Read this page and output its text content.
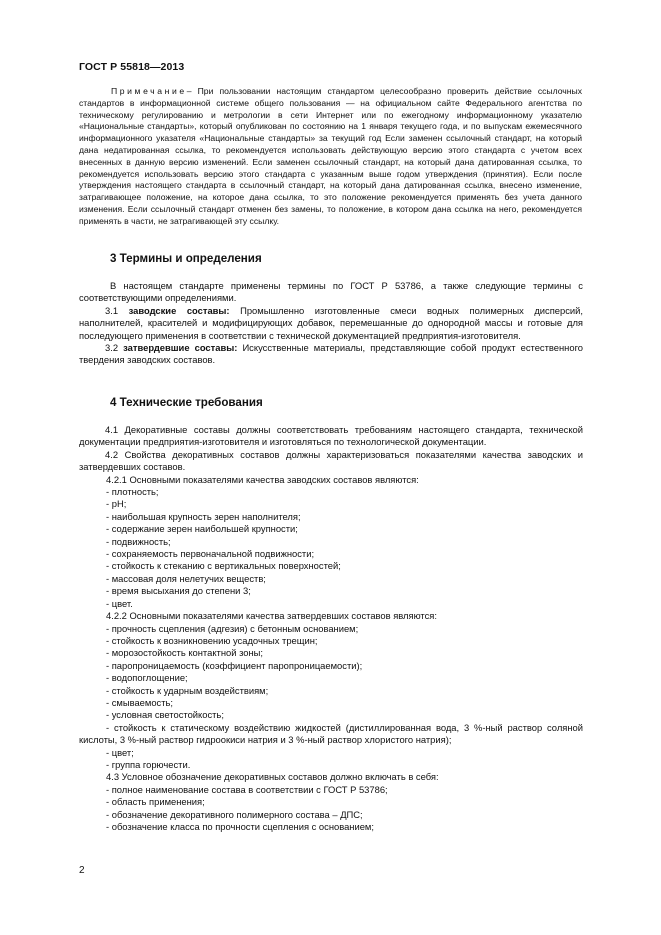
ГОСТ Р 55818—2013
Примечание– При пользовании настоящим стандартом целесообразно проверить действие ссылочных стандартов в информационной системе общего пользования — на официальном сайте Федерального агентства по техническому регулированию и метрологии в сети Интернет или по ежегодному информационному указателю «Национальные стандарты», который опубликован по состоянию на 1 января текущего года, и по выпускам ежемесячного информационного указателя «Национальные стандарты» за текущий год Если заменен ссылочный стандарт, на который дана недатированная ссылка, то рекомендуется использовать действующую версию этого стандарта с учетом всех внесенных в данную версию изменений. Если заменен ссылочный стандарт, на который дана датированная ссылка, то рекомендуется использовать версию этого стандарта с указанным выше годом утверждения (принятия). Если после утверждения настоящего стандарта в ссылочный стандарт, на который дана датированная ссылка, внесено изменение, затрагивающее положение, на которое дана ссылка, то это положение рекомендуется применять без учета данного изменения. Если ссылочный стандарт отменен без замены, то положение, в котором дана ссылка на него, рекомендуется применять в части, не затрагивающей эту ссылку.
3 Термины и определения

В настоящем стандарте применены термины по ГОСТ Р 53786, а также следующие термины с соответствующими определениями.

3.1 заводские составы: Промышленно изготовленные смеси водных полимерных дисперсий, наполнителей, красителей и модифицирующих добавок, перемешанные до однородной массы и готовые для последующего применения в соответствии с технической документацией предприятия-изготовителя.

3.2 затвердевшие составы: Искусственные материалы, представляющие собой продукт естественного твердения заводских составов.

4 Технические требования

4.1 Декоративные составы должны соответствовать требованиям настоящего стандарта, технической документации предприятия-изготовителя и изготовляться по технологической документации.

4.2 Свойства декоративных составов должны характеризоваться показателями качества заводских и затвердевших составов.

4.2.1 Основными показателями качества заводских составов являются:

- плотность;

- pH;

- наибольшая крупность зерен наполнителя;

- содержание зерен наибольшей крупности;

- подвижность;

- сохраняемость первоначальной подвижности;

- стойкость к стеканию с вертикальных поверхностей;

- массовая доля нелетучих веществ;

- время высыхания до степени 3;

- цвет.

4.2.2 Основными показателями качества затвердевших составов являются:

- прочность сцепления (адгезия) с бетонным основанием;

- стойкость к возникновению усадочных трещин;

- морозостойкость контактной зоны;

- паропроницаемость (коэффициент паропроницаемости);

- водопоглощение;

- стойкость к ударным воздействиям;

- смываемость;

- условная светостойкость;

- стойкость к статическому воздействию жидкостей (дистиллированная вода, 3 %-ный раствор соляной кислоты, 3 %-ный раствор гидроокиси натрия и 3 %-ный раствор хлористого натрия);

- цвет;

- группа горючести.

4.3 Условное обозначение декоративных составов должно включать в себя:

- полное наименование состава в соответствии с ГОСТ Р 53786;

- область применения;

- обозначение декоративного полимерного состава – ДПС;

- обозначение класса по прочности сцепления с основанием;

2
